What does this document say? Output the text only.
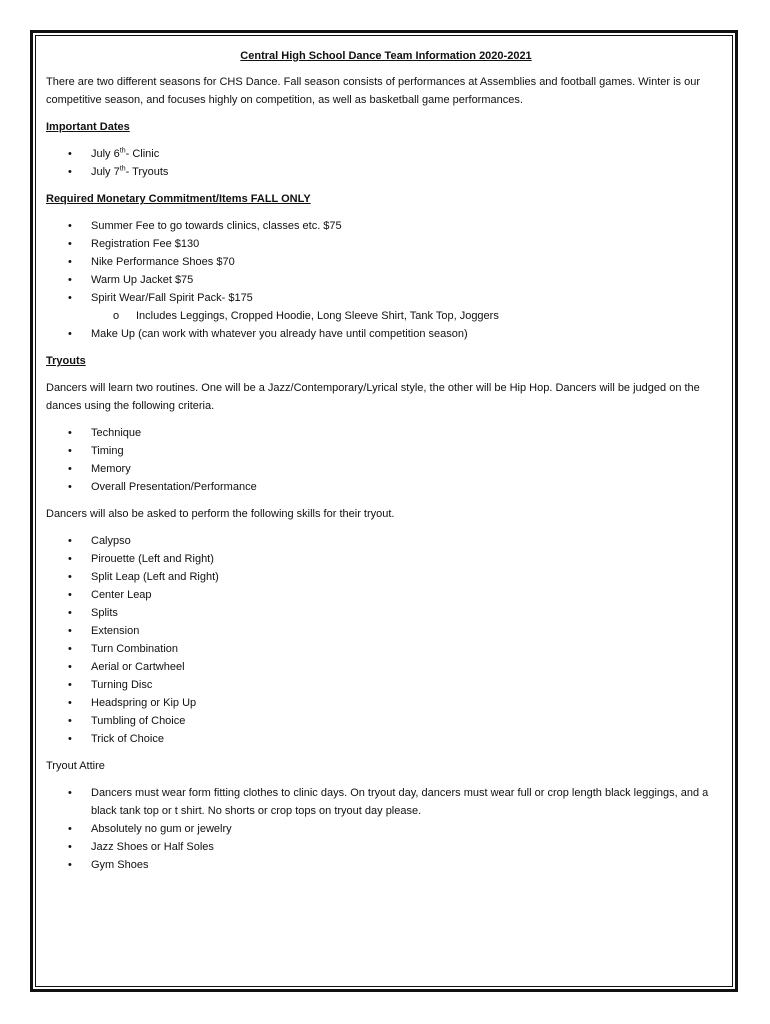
Central High School Dance Team Information 2020-2021

There are two different seasons for CHS Dance. Fall season consists of performances at Assemblies and football games. Winter is our competitive season, and focuses highly on competition, as well as basketball game performances.

Important Dates
• July 6th- Clinic
• July 7th- Tryouts
Required Monetary Commitment/Items FALL ONLY
• Summer Fee to go towards clinics, classes etc. $75
• Registration Fee $130
• Nike Performance Shoes $70
• Warm Up Jacket $75
• Spirit Wear/Fall Spirit Pack- $175
o Includes Leggings, Cropped Hoodie, Long Sleeve Shirt, Tank Top, Joggers
• Make Up (can work with whatever you already have until competition season)
Tryouts

Dancers will learn two routines. One will be a Jazz/Contemporary/Lyrical style, the other will be Hip Hop. Dancers will be judged on the dances using the following criteria.

• Technique
• Timing
• Memory
• Overall Presentation/Performance

Dancers will also be asked to perform the following skills for their tryout.

• Calypso
• Pirouette (Left and Right)
• Split Leap (Left and Right)
• Center Leap
• Splits
• Extension
• Turn Combination
• Aerial or Cartwheel
• Turning Disc
• Headspring or Kip Up
• Tumbling of Choice
• Trick of Choice
Tryout Attire
• Dancers must wear form fitting clothes to clinic days. On tryout day, dancers must wear full or crop length black leggings, and a black tank top or t shirt. No shorts or crop tops on tryout day please.
• Absolutely no gum or jewelry
• Jazz Shoes or Half Soles
• Gym Shoes
